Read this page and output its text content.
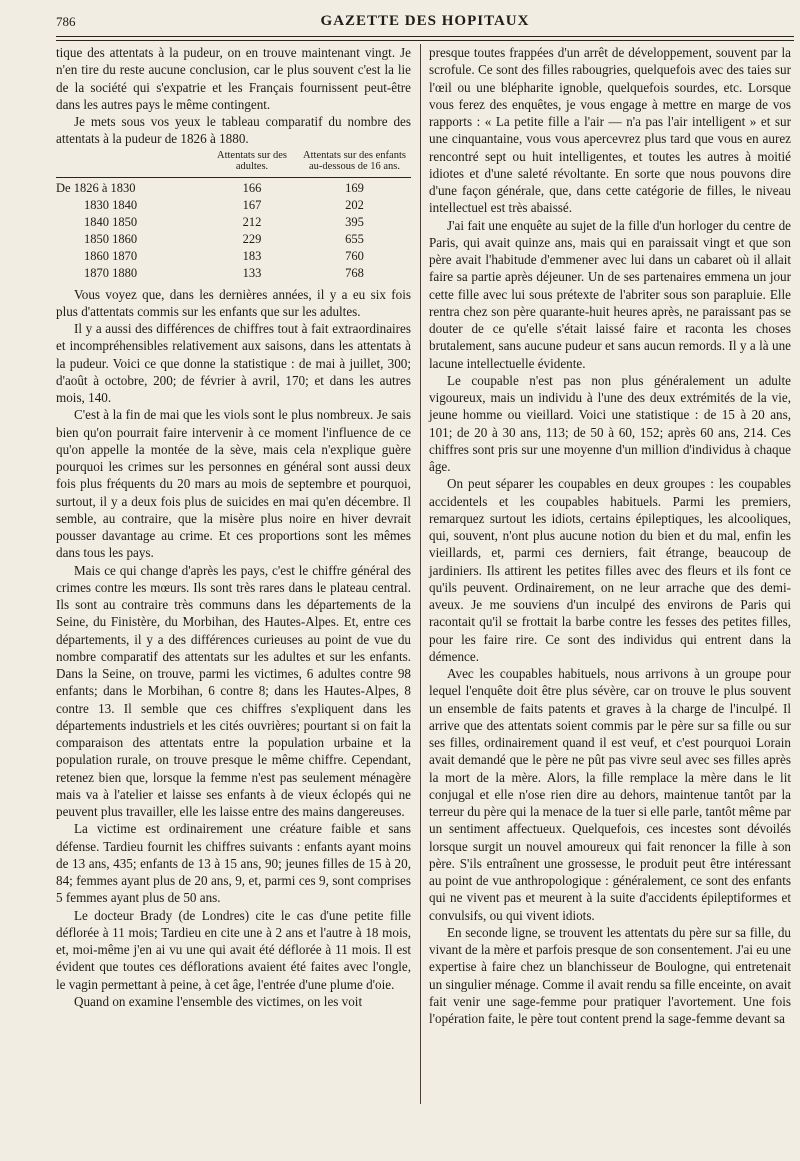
786	GAZETTE DES HOPITAUX

tique des attentats à la pudeur, on en trouve maintenant vingt. Je n'en tire du reste aucune conclusion, car le plus souvent c'est la lie de la société qui s'expatrie et les Français fournissent peut-être dans les autres pays le même contingent.

Je mets sous vos yeux le tableau comparatif du nombre des attentats à la pudeur de 1826 à 1880.

	Attentats sur des adultes.	Attentats sur des enfants au-dessous de 16 ans.
De 1826 à 1830	166	169
1830 1840	167	202
1840 1850	212	395
1850 1860	229	655
1860 1870	183	760
1870 1880	133	768

Vous voyez que, dans les dernières années, il y a eu six fois plus d'attentats commis sur les enfants que sur les adultes.

Il y a aussi des différences de chiffres tout à fait extraordinaires et incompréhensibles relativement aux saisons, dans les attentats à la pudeur. Voici ce que donne la statistique : de mai à juillet, 300; d'août à octobre, 200; de février à avril, 170; et dans les autres mois, 140.

C'est à la fin de mai que les viols sont le plus nombreux. Je sais bien qu'on pourrait faire intervenir à ce moment l'influence de ce qu'on appelle la montée de la sève, mais cela n'explique guère pourquoi les crimes sur les personnes en général sont aussi deux fois plus fréquents du 20 mars au mois de septembre et pourquoi, surtout, il y a deux fois plus de suicides en mai qu'en décembre. Il semble, au contraire, que la misère plus noire en hiver devrait pousser davantage au crime. Et ces proportions sont les mêmes dans tous les pays.

Mais ce qui change d'après les pays, c'est le chiffre général des crimes contre les mœurs. Ils sont très rares dans le plateau central. Ils sont au contraire très communs dans les départements de la Seine, du Finistère, du Morbihan, des Hautes-Alpes. Et, entre ces départements, il y a des différences curieuses au point de vue du nombre comparatif des attentats sur les adultes et sur les enfants. Dans la Seine, on trouve, parmi les victimes, 6 adultes contre 98 enfants; dans le Morbihan, 6 contre 8; dans les Hautes-Alpes, 8 contre 13. Il semble que ces chiffres s'expliquent dans les départements industriels et les cités ouvrières; pourtant si on fait la comparaison des attentats entre la population urbaine et la population rurale, on trouve presque le même chiffre. Cependant, retenez bien que, lorsque la femme n'est pas seulement ménagère mais va à l'atelier et laisse ses enfants à de vieux éclopés qui ne peuvent plus travailler, elle les laisse entre des mains dangereuses.

La victime est ordinairement une créature faible et sans défense. Tardieu fournit les chiffres suivants : enfants ayant moins de 13 ans, 435; enfants de 13 à 15 ans, 90; jeunes filles de 15 à 20, 84; femmes ayant plus de 20 ans, 9, et, parmi ces 9, sont comprises 5 femmes ayant plus de 50 ans.

Le docteur Brady (de Londres) cite le cas d'une petite fille déflorée à 11 mois; Tardieu en cite une à 2 ans et l'autre à 18 mois, et, moi-même j'en ai vu une qui avait été déflorée à 11 mois. Il est évident que toutes ces déflorations avaient été faites avec l'ongle, le vagin permettant à peine, à cet âge, l'entrée d'une plume d'oie.

Quand on examine l'ensemble des victimes, on les voit

presque toutes frappées d'un arrêt de développement, souvent par la scrofule. Ce sont des filles rabougries, quelquefois avec des taies sur l'œil ou une blépharite ignoble, quelquefois sourdes, etc. Lorsque vous ferez des enquêtes, je vous engage à mettre en marge de vos rapports : « La petite fille a l'air — n'a pas l'air intelligent » et sur une cinquantaine, vous vous apercevrez plus tard que vous en aurez rencontré sept ou huit intelligentes, et toutes les autres à moitié idiotes et d'une saleté révoltante. En sorte que nous pouvons dire d'une façon générale, que, dans cette catégorie de filles, le niveau intellectuel est très abaissé.

J'ai fait une enquête au sujet de la fille d'un horloger du centre de Paris, qui avait quinze ans, mais qui en paraissait vingt et que son père avait l'habitude d'emmener avec lui dans un cabaret où il allait faire sa partie après déjeuner. Un de ses partenaires emmena un jour cette fille avec lui sous prétexte de l'abriter sous son parapluie. Elle rentra chez son père quarante-huit heures après, ne paraissant pas se douter de ce qu'elle s'était laissé faire et raconta les choses brutalement, sans aucune pudeur et sans aucun remords. Il y a là une lacune intellectuelle évidente.

Le coupable n'est pas non plus généralement un adulte vigoureux, mais un individu à l'une des deux extrémités de la vie, jeune homme ou vieillard. Voici une statistique : de 15 à 20 ans, 101; de 20 à 30 ans, 113; de 50 à 60, 152; après 60 ans, 214. Ces chiffres sont pris sur une moyenne d'un million d'individus à chaque âge.

On peut séparer les coupables en deux groupes : les coupables accidentels et les coupables habituels. Parmi les premiers, remarquez surtout les idiots, certains épileptiques, les alcooliques, qui, souvent, n'ont plus aucune notion du bien et du mal, enfin les vieillards, et, parmi ces derniers, fait étrange, beaucoup de jardiniers. Ils attirent les petites filles avec des fleurs et ils font ce qu'ils peuvent. Ordinairement, on ne leur arrache que des demi-aveux. Je me souviens d'un inculpé des environs de Paris qui racontait qu'il se frottait la barbe contre les fesses des petites filles, pour les faire rire. Ce sont des individus qui entrent dans la démence.

Avec les coupables habituels, nous arrivons à un groupe pour lequel l'enquête doit être plus sévère, car on trouve le plus souvent un ensemble de faits patents et graves à la charge de l'inculpé. Il arrive que des attentats soient commis par le père sur sa fille ou sur ses filles, ordinairement quand il est veuf, et c'est pourquoi Lorain avait demandé que le père ne pût pas vivre seul avec ses filles après la mort de la mère. Alors, la fille remplace la mère dans le lit conjugal et elle n'ose rien dire au dehors, maintenue tantôt par la terreur du père qui la menace de la tuer si elle parle, tantôt même par un sentiment affectueux. Quelquefois, ces incestes sont dévoilés lorsque surgit un nouvel amoureux qui fait renoncer la fille à son père. S'ils entraînent une grossesse, le produit peut être intéressant au point de vue anthropologique : généralement, ce sont des enfants qui ne vivent pas et meurent à la suite d'accidents épileptiformes et convulsifs, ou qui vivent idiots.

En seconde ligne, se trouvent les attentats du père sur sa fille, du vivant de la mère et parfois presque de son consentement. J'ai eu une expertise à faire chez un blanchisseur de Boulogne, qui entretenait un singulier ménage. Comme il avait rendu sa fille enceinte, on avait fait venir une sage-femme pour pratiquer l'avortement. Une fois l'opération faite, le père tout content prend la sage-femme devant sa
